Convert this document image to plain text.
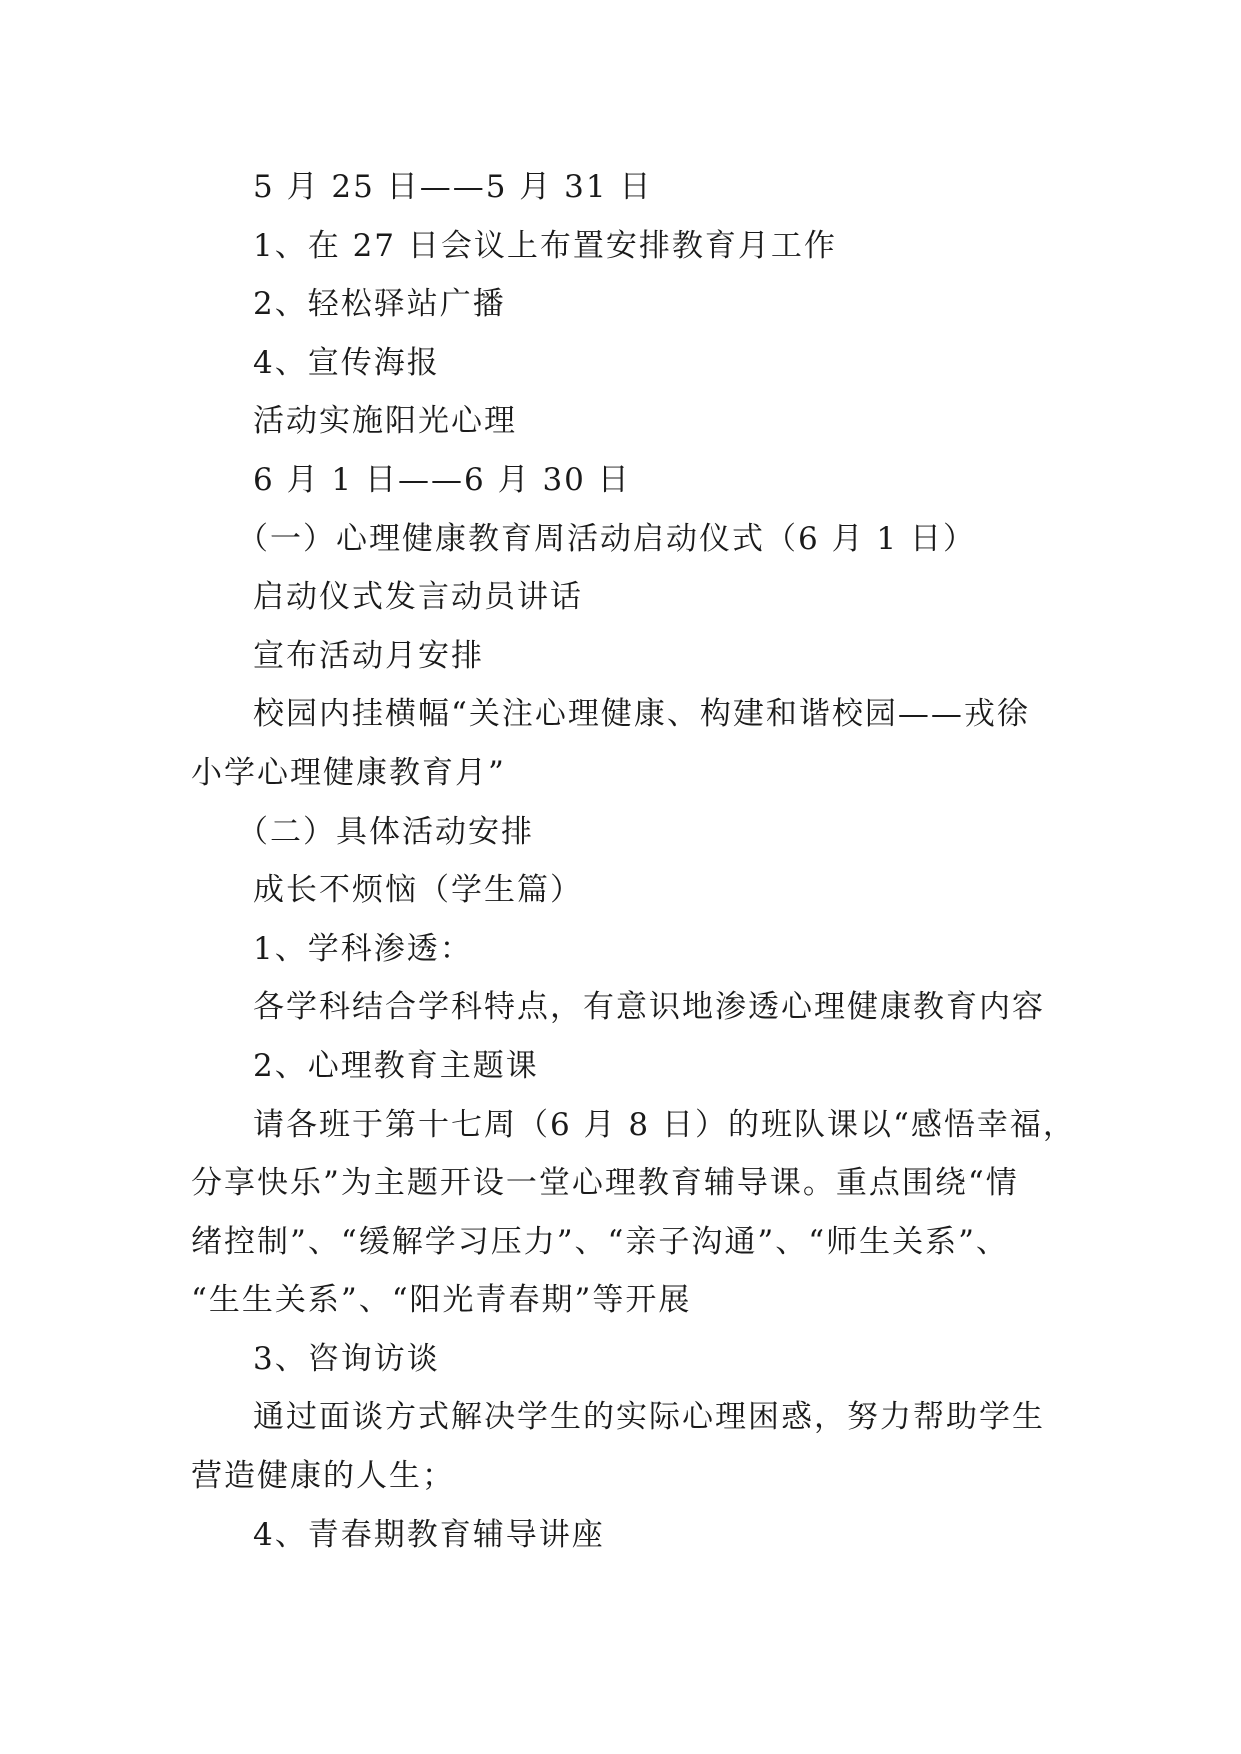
5 月 25 日——5 月 31 日
1、在 27 日会议上布置安排教育月工作
2、轻松驿站广播
4、宣传海报
活动实施阳光心理
6 月 1 日——6 月 30 日
（一）心理健康教育周活动启动仪式（6 月 1 日）
启动仪式发言动员讲话
宣布活动月安排
校园内挂横幅“关注心理健康、构建和谐校园——戎徐
小学心理健康教育月”
（二）具体活动安排
成长不烦恼（学生篇）
1、学科渗透：
各学科结合学科特点，有意识地渗透心理健康教育内容
2、心理教育主题课
请各班于第十七周（6 月 8 日）的班队课以“感悟幸福，
分享快乐”为主题开设一堂心理教育辅导课。重点围绕“情
绪控制”、“缓解学习压力”、“亲子沟通”、“师生关系”、
“生生关系”、“阳光青春期”等开展
3、咨询访谈
通过面谈方式解决学生的实际心理困惑，努力帮助学生
营造健康的人生；
4、青春期教育辅导讲座
